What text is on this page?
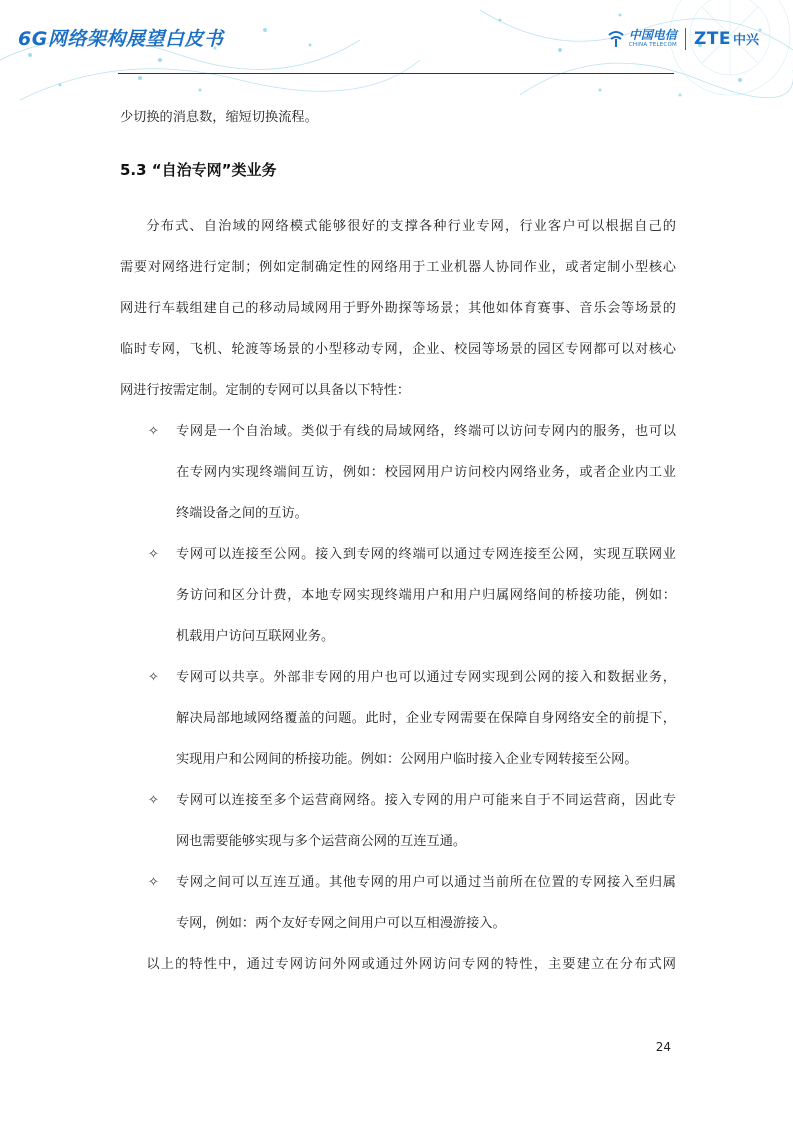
6G网络架构展望白皮书	中国电信
CHINA TELECOM ZTE 中兴
少切换的消息数，缩短切换流程。
5.3 “自治专网”类业务
分布式、自治域的网络模式能够很好的支撑各种行业专网，行业客户可以根据自己的
需要对网络进行定制；例如定制确定性的网络用于工业机器人协同作业，或者定制小型核心
网进行车载组建自己的移动局域网用于野外勘探等场景；其他如体育赛事、音乐会等场景的
临时专网，飞机、轮渡等场景的小型移动专网，企业、校园等场景的园区专网都可以对核心
网进行按需定制。定制的专网可以具备以下特性：
✧	专网是一个自治域。类似于有线的局域网络，终端可以访问专网内的服务，也可以
在专网内实现终端间互访，例如：校园网用户访问校内网络业务，或者企业内工业
终端设备之间的互访。
✧	专网可以连接至公网。接入到专网的终端可以通过专网连接至公网，实现互联网业
务访问和区分计费，本地专网实现终端用户和用户归属网络间的桥接功能，例如：
机载用户访问互联网业务。
✧	专网可以共享。外部非专网的用户也可以通过专网实现到公网的接入和数据业务，
解决局部地域网络覆盖的问题。此时，企业专网需要在保障自身网络安全的前提下，
实现用户和公网间的桥接功能。例如：公网用户临时接入企业专网转接至公网。
✧	专网可以连接至多个运营商网络。接入专网的用户可能来自于不同运营商，因此专
网也需要能够实现与多个运营商公网的互连互通。
✧	专网之间可以互连互通。其他专网的用户可以通过当前所在位置的专网接入至归属
专网，例如：两个友好专网之间用户可以互相漫游接入。
以上的特性中，通过专网访问外网或通过外网访问专网的特性，主要建立在分布式网
24
